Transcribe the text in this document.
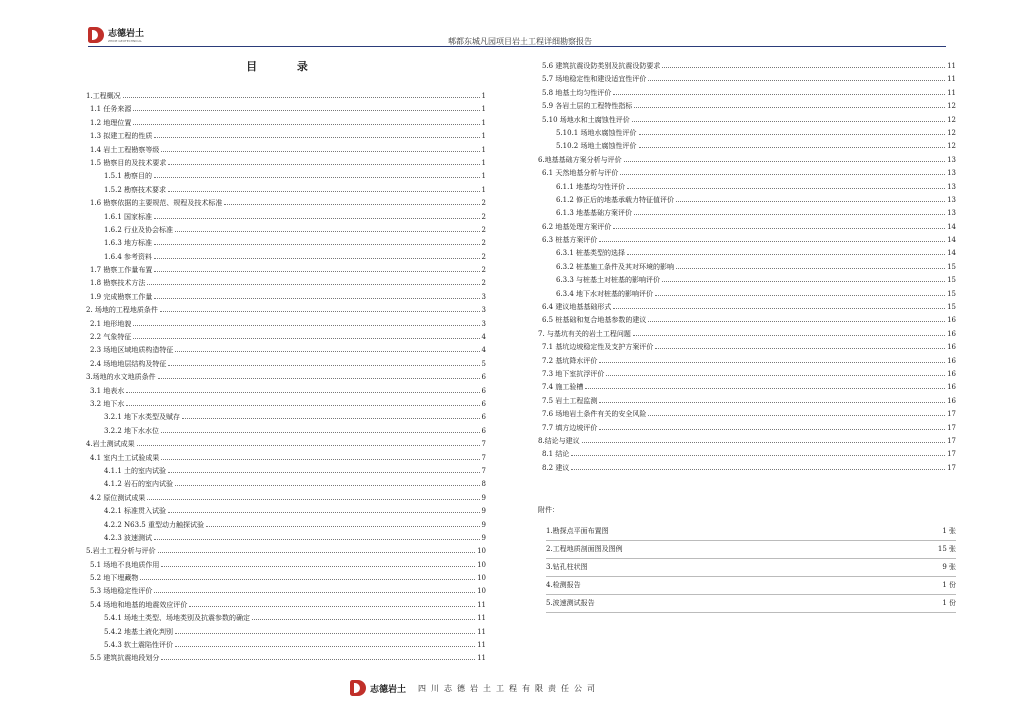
志德岩土
ZHIDE GEOTECHNICAL	郫都东城凡园项目岩土工程详细勘察报告
目 录
1.工程概况	1
1.1 任务来源	1
1.2 地理位置	1
1.3 拟建工程的性质	1
1.4 岩土工程勘察等级	1
1.5 勘察目的及技术要求	1
1.5.1 勘察目的	1
1.5.2 勘察技术要求	1
1.6 勘察依据的主要规范、规程及技术标准	2
1.6.1 国家标准	2
1.6.2 行业及协会标准	2
1.6.3 地方标准	2
1.6.4 参考资料	2
1.7 勘察工作量布置	2
1.8 勘察技术方法	2
1.9 完成勘察工作量	3
2. 场地的工程地质条件	3
2.1 地形地貌	3
2.2 气象特征	4
2.3 场地区域地质构造特征	4
2.4 场地地层结构及特征	5
3.场地的水文地质条件	6
3.1 地表水	6
3.2 地下水	6
3.2.1 地下水类型及赋存	6
3.2.2 地下水水位	6
4.岩土测试成果	7
4.1 室内土工试验成果	7
4.1.1 土的室内试验	7
4.1.2 岩石的室内试验	8
4.2 原位测试成果	9
4.2.1 标准贯入试验	9
4.2.2 N63.5 重型动力触探试验	9
4.2.3 波速测试	9
5.岩土工程分析与评价	10
5.1 场地不良地质作用	10
5.2 地下埋藏物	10
5.3 场地稳定性评价	10
5.4 场地和地基的地震效应评价	11
5.4.1 场地土类型、场地类别及抗震参数的确定	11
5.4.2 地基土液化判别	11
5.4.3 软土震陷性评价	11
5.5 建筑抗震地段划分	11
5.6 建筑抗震设防类别及抗震设防要求	11
5.7 场地稳定性和建设适宜性评价	11
5.8 地基土均匀性评价	11
5.9 各岩土层的工程特性指标	12
5.10 场地水和土腐蚀性评价	12
5.10.1 场地水腐蚀性评价	12
5.10.2 场地土腐蚀性评价	12
6.地基基础方案分析与评价	13
6.1 天然地基分析与评价	13
6.1.1 地基均匀性评价	13
6.1.2 修正后的地基承载力特征值评价	13
6.1.3 地基基础方案评价	13
6.2 地基处理方案评价	14
6.3 桩基方案评价	14
6.3.1 桩基类型的选择	14
6.3.2 桩基施工条件及其对环境的影响	15
6.3.3 与桩基土对桩基的影响评价	15
6.3.4 地下水对桩基的影响评价	15
6.4 建议地基基础形式	15
6.5 桩基础和复合地基参数的建议	16
7. 与基坑有关的岩土工程问题	16
7.1 基坑边坡稳定性及支护方案评价	16
7.2 基坑降水评价	16
7.3 地下室抗浮评价	16
7.4 施工验槽	16
7.5 岩土工程监测	16
7.6 场地岩土条件有关的安全风险	17
7.7 填方边坡评价	17
8.结论与建议	17
8.1 结论	17
8.2 建议	17
附件：
1.勘探点平面布置图	1 张
2.工程地质剖面图及图例	15 张
3.钻孔柱状图	9 张
4.检测报告	1 份
5.波速测试报告	1 份
志德岩土 四川志德岩土工程有限责任公司
